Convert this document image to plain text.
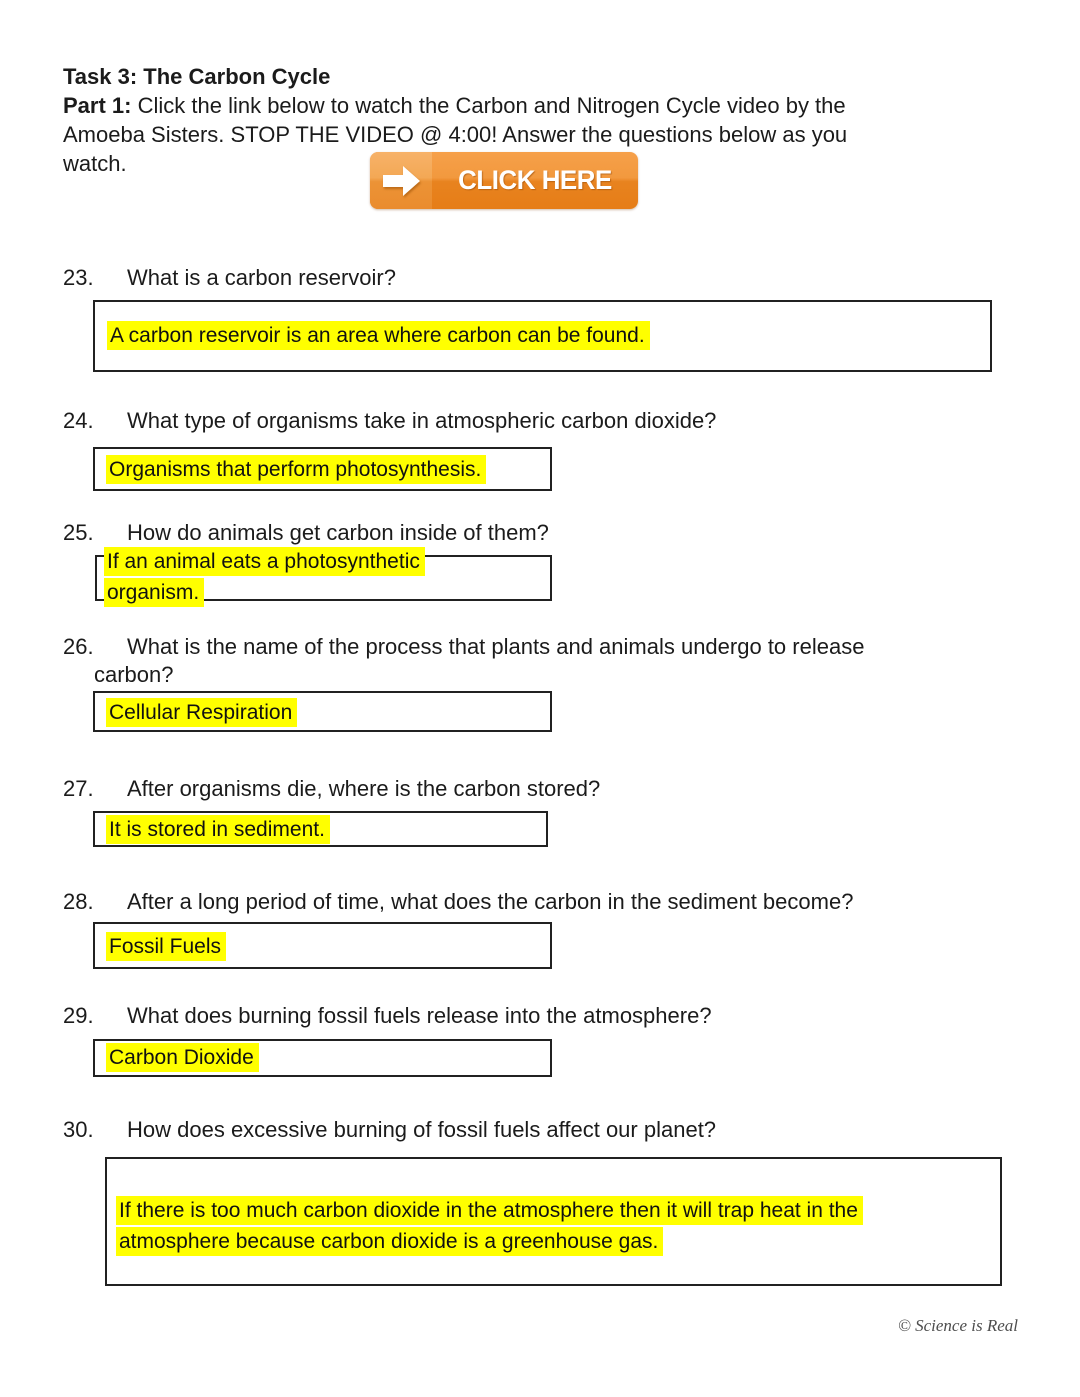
Task 3: The Carbon Cycle
Part 1: Click the link below to watch the Carbon and Nitrogen Cycle video by the
Amoeba Sisters. STOP THE VIDEO @ 4:00! Answer the questions below as you
watch.
CLICK HERE
23. What is a carbon reservoir?
A carbon reservoir is an area where carbon can be found.
24. What type of organisms take in atmospheric carbon dioxide?
Organisms that perform photosynthesis.
25. How do animals get carbon inside of them?
If an animal eats a photosynthetic
organism.
26. What is the name of the process that plants and animals undergo to release
carbon?
Cellular Respiration
27. After organisms die, where is the carbon stored?
It is stored in sediment.
28. After a long period of time, what does the carbon in the sediment become?
Fossil Fuels
29. What does burning fossil fuels release into the atmosphere?
Carbon Dioxide
30. How does excessive burning of fossil fuels affect our planet?
If there is too much carbon dioxide in the atmosphere then it will trap heat in the
atmosphere because carbon dioxide is a greenhouse gas.
© Science is Real
